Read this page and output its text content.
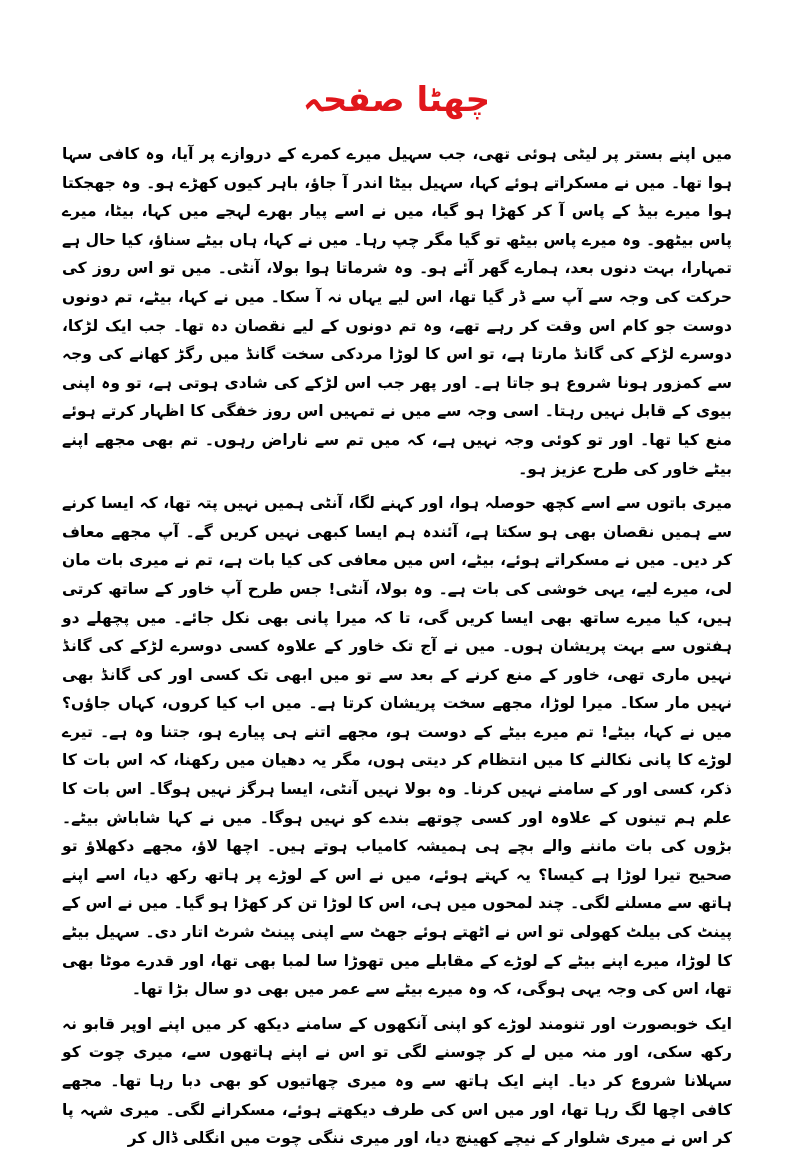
چھٹا صفحہ

میں اپنے بستر پر لیٹی ہوئی تھی، جب سہیل میرے کمرے کے دروازے پر آیا، وہ کافی سہا ہوا تھا۔ میں نے مسکراتے ہوئے کہا، سہیل بیٹا اندر آ جاؤ، باہر کیوں کھڑے ہو۔ وہ جھجکتا ہوا میرے بیڈ کے پاس آ کر کھڑا ہو گیا، میں نے اسے پیار بھرے لہجے میں کہا، بیٹا، میرے پاس بیٹھو۔ وہ میرے پاس بیٹھ تو گیا مگر چپ رہا۔ میں نے کہا، ہاں بیٹے سناؤ، کیا حال ہے تمہارا، بہت دنوں بعد، ہمارے گھر آئے ہو۔ وہ شرماتا ہوا بولا، آنٹی۔ میں تو اس روز کی حرکت کی وجہ سے آپ سے ڈر گیا تھا، اس لیے یہاں نہ آ سکا۔ میں نے کہا، بیٹے، تم دونوں دوست جو کام اس وقت کر رہے تھے، وہ تم دونوں کے لیے نقصان دہ تھا۔ جب ایک لڑکا، دوسرے لڑکے کی گانڈ مارتا ہے، تو اس کا لوڑا مردکی سخت گانڈ میں رگڑ کھانے کی وجہ سے کمزور ہونا شروع ہو جاتا ہے۔ اور پھر جب اس لڑکے کی شادی ہوتی ہے، تو وہ اپنی بیوی کے قابل نہیں رہتا۔ اسی وجہ سے میں نے تمہیں اس روز خفگی کا اظہار کرتے ہوئے منع کیا تھا۔ اور تو کوئی وجہ نہیں ہے، کہ میں تم سے ناراض رہوں۔ تم بھی مجھے اپنے بیٹے خاور کی طرح عزیز ہو۔

میری باتوں سے اسے کچھ حوصلہ ہوا، اور کہنے لگا، آنٹی ہمیں نہیں پتہ تھا، کہ ایسا کرنے سے ہمیں نقصان بھی ہو سکتا ہے، آئندہ ہم ایسا کبھی نہیں کریں گے۔ آپ مجھے معاف کر دیں۔ میں نے مسکراتے ہوئے، بیٹے، اس میں معافی کی کیا بات ہے، تم نے میری بات مان لی، میرے لیے، یہی خوشی کی بات ہے۔ وہ بولا، آنٹی! جس طرح آپ خاور کے ساتھ کرتی ہیں، کیا میرے ساتھ بھی ایسا کریں گی، تا کہ میرا پانی بھی نکل جائے۔ میں پچھلے دو ہفتوں سے بہت پریشان ہوں۔ میں نے آج تک خاور کے علاوہ کسی دوسرے لڑکے کی گانڈ نہیں ماری تھی، خاور کے منع کرنے کے بعد سے تو میں ابھی تک کسی اور کی گانڈ بھی نہیں مار سکا۔ میرا لوڑا، مجھے سخت پریشان کرتا ہے۔ میں اب کیا کروں، کہاں جاؤں؟ میں نے کہا، بیٹے! تم میرے بیٹے کے دوست ہو، مجھے اتنے ہی پیارے ہو، جتنا وہ ہے۔ تیرے لوڑے کا پانی نکالنے کا میں انتظام کر دیتی ہوں، مگر یہ دھیان میں رکھنا، کہ اس بات کا ذکر، کسی اور کے سامنے نہیں کرنا۔ وہ بولا نہیں آنٹی، ایسا ہرگز نہیں ہوگا۔ اس بات کا علم ہم تینوں کے علاوہ اور کسی چوتھے بندے کو نہیں ہوگا۔ میں نے کہا شاباش بیٹے۔ بڑوں کی بات ماننے والے بچے ہی ہمیشہ کامیاب ہوتے ہیں۔ اچھا لاؤ، مجھے دکھلاؤ تو صحیح تیرا لوڑا ہے کیسا؟ یہ کہتے ہوئے، میں نے اس کے لوڑے پر ہاتھ رکھ دیا، اسے اپنے ہاتھ سے مسلنے لگی۔ چند لمحوں میں ہی، اس کا لوڑا تن کر کھڑا ہو گیا۔ میں نے اس کے پینٹ کی بیلٹ کھولی تو اس نے اٹھتے ہوئے جھٹ سے اپنی پینٹ شرٹ اتار دی۔ سہیل بیٹے کا لوڑا، میرے اپنے بیٹے کے لوڑے کے مقابلے میں تھوڑا سا لمبا بھی تھا، اور قدرے موٹا بھی تھا، اس کی وجہ یہی ہوگی، کہ وہ میرے بیٹے سے عمر میں بھی دو سال بڑا تھا۔

ایک خوبصورت اور تنومند لوڑے کو اپنی آنکھوں کے سامنے دیکھ کر میں اپنے اوپر قابو نہ رکھ سکی، اور منہ میں لے کر چوسنے لگی تو اس نے اپنے ہاتھوں سے، میری چوت کو سہلانا شروع کر دیا۔ اپنے ایک ہاتھ سے وہ میری چھاتیوں کو بھی دبا رہا تھا۔ مجھے کافی اچھا لگ رہا تھا، اور میں اس کی طرف دیکھتے ہوئے، مسکرانے لگی۔ میری شہہ پا کر اس نے میری شلوار کے نیچے کھینچ دیا، اور میری ننگی چوت میں انگلی ڈال کر
